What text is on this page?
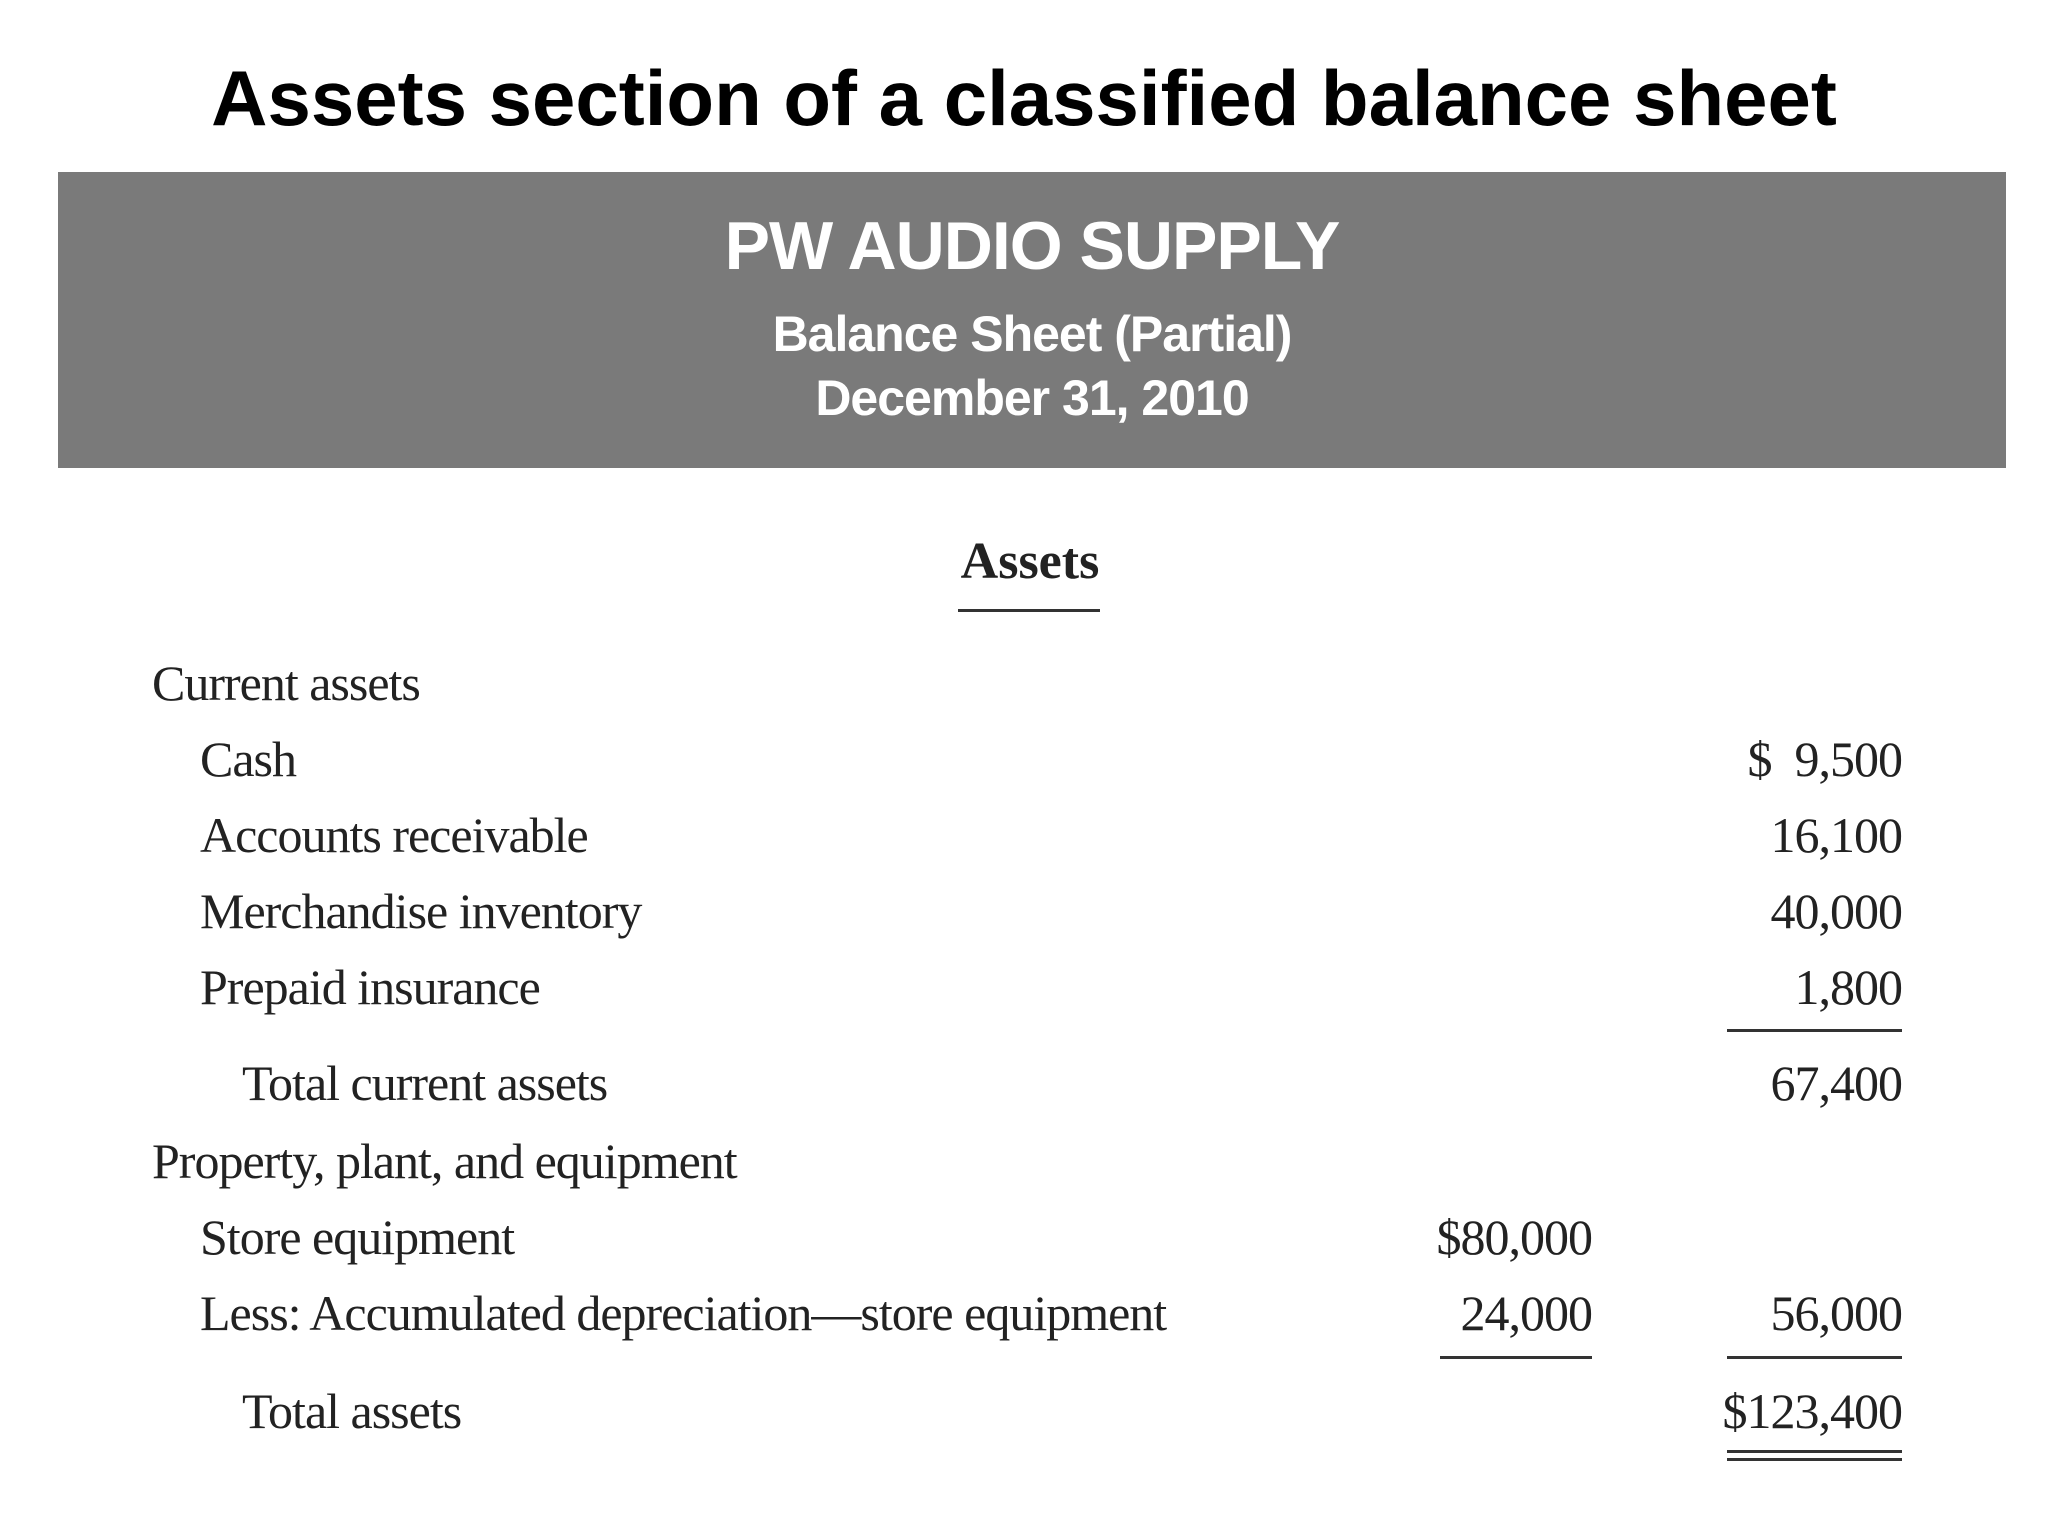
Assets section of a classified balance sheet
PW AUDIO SUPPLY
Balance Sheet (Partial)
December 31, 2010
Assets
Current assets
Cash	$  9,500
Accounts receivable	16,100
Merchandise inventory	40,000
Prepaid insurance	1,800
Total current assets	67,400
Property, plant, and equipment
Store equipment	$80,000
Less: Accumulated depreciation—store equipment	24,000	56,000
Total assets	$123,400
